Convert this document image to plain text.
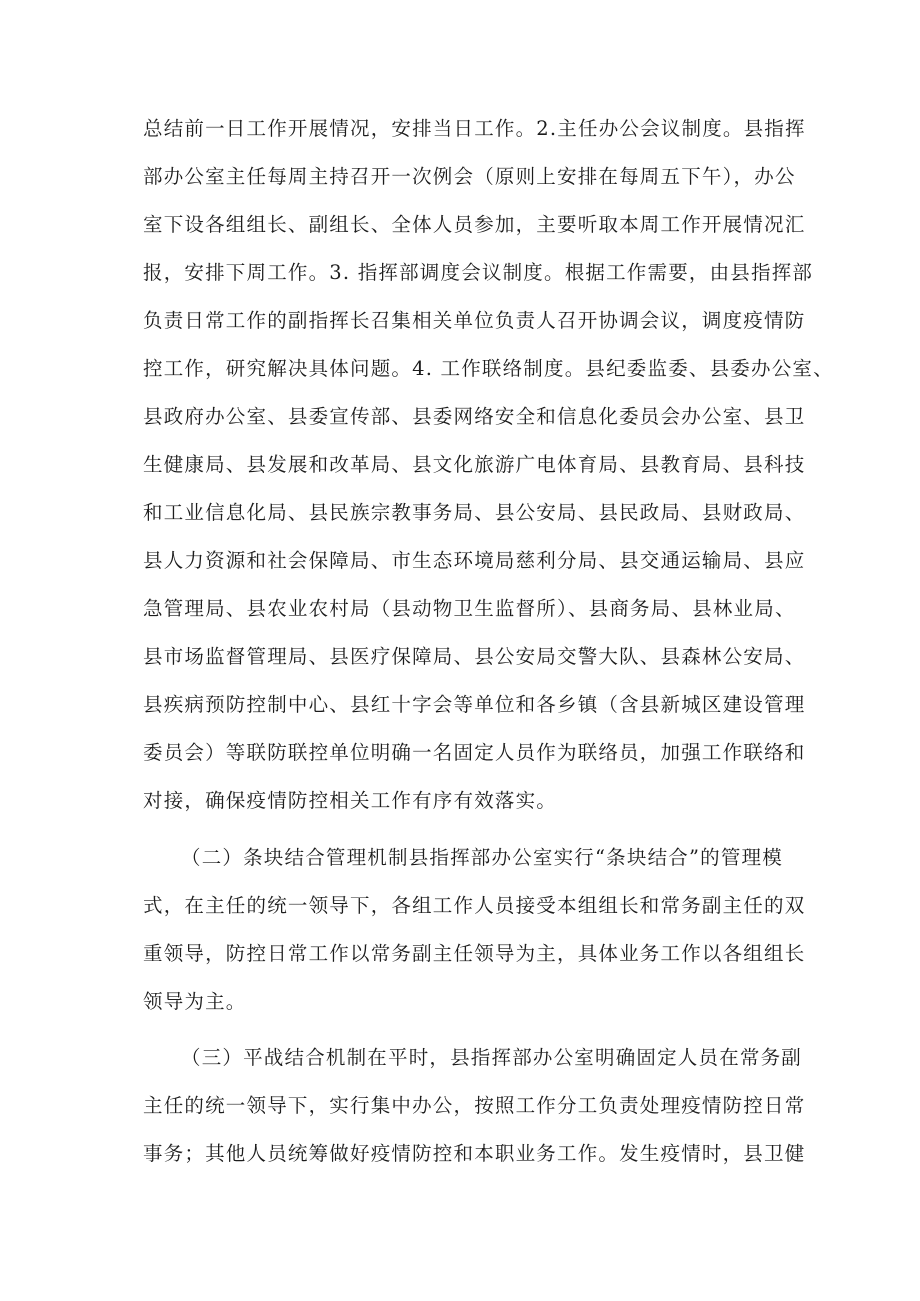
总结前一日工作开展情况，安排当日工作。2.主任办公会议制度。县指挥
部办公室主任每周主持召开一次例会（原则上安排在每周五下午），办公
室下设各组组长、副组长、全体人员参加，主要听取本周工作开展情况汇
报，安排下周工作。3. 指挥部调度会议制度。根据工作需要，由县指挥部
负责日常工作的副指挥长召集相关单位负责人召开协调会议，调度疫情防
控工作，研究解决具体问题。4. 工作联络制度。县纪委监委、县委办公室、
县政府办公室、县委宣传部、县委网络安全和信息化委员会办公室、县卫
生健康局、县发展和改革局、县文化旅游广电体育局、县教育局、县科技
和工业信息化局、县民族宗教事务局、县公安局、县民政局、县财政局、
县人力资源和社会保障局、市生态环境局慈利分局、县交通运输局、县应
急管理局、县农业农村局（县动物卫生监督所）、县商务局、县林业局、
县市场监督管理局、县医疗保障局、县公安局交警大队、县森林公安局、
县疾病预防控制中心、县红十字会等单位和各乡镇（含县新城区建设管理
委员会）等联防联控单位明确一名固定人员作为联络员，加强工作联络和
对接，确保疫情防控相关工作有序有效落实。
（二）条块结合管理机制县指挥部办公室实行“条块结合”的管理模
式，在主任的统一领导下，各组工作人员接受本组组长和常务副主任的双
重领导，防控日常工作以常务副主任领导为主，具体业务工作以各组组长
领导为主。
（三）平战结合机制在平时，县指挥部办公室明确固定人员在常务副
主任的统一领导下，实行集中办公，按照工作分工负责处理疫情防控日常
事务；其他人员统筹做好疫情防控和本职业务工作。发生疫情时，县卫健
